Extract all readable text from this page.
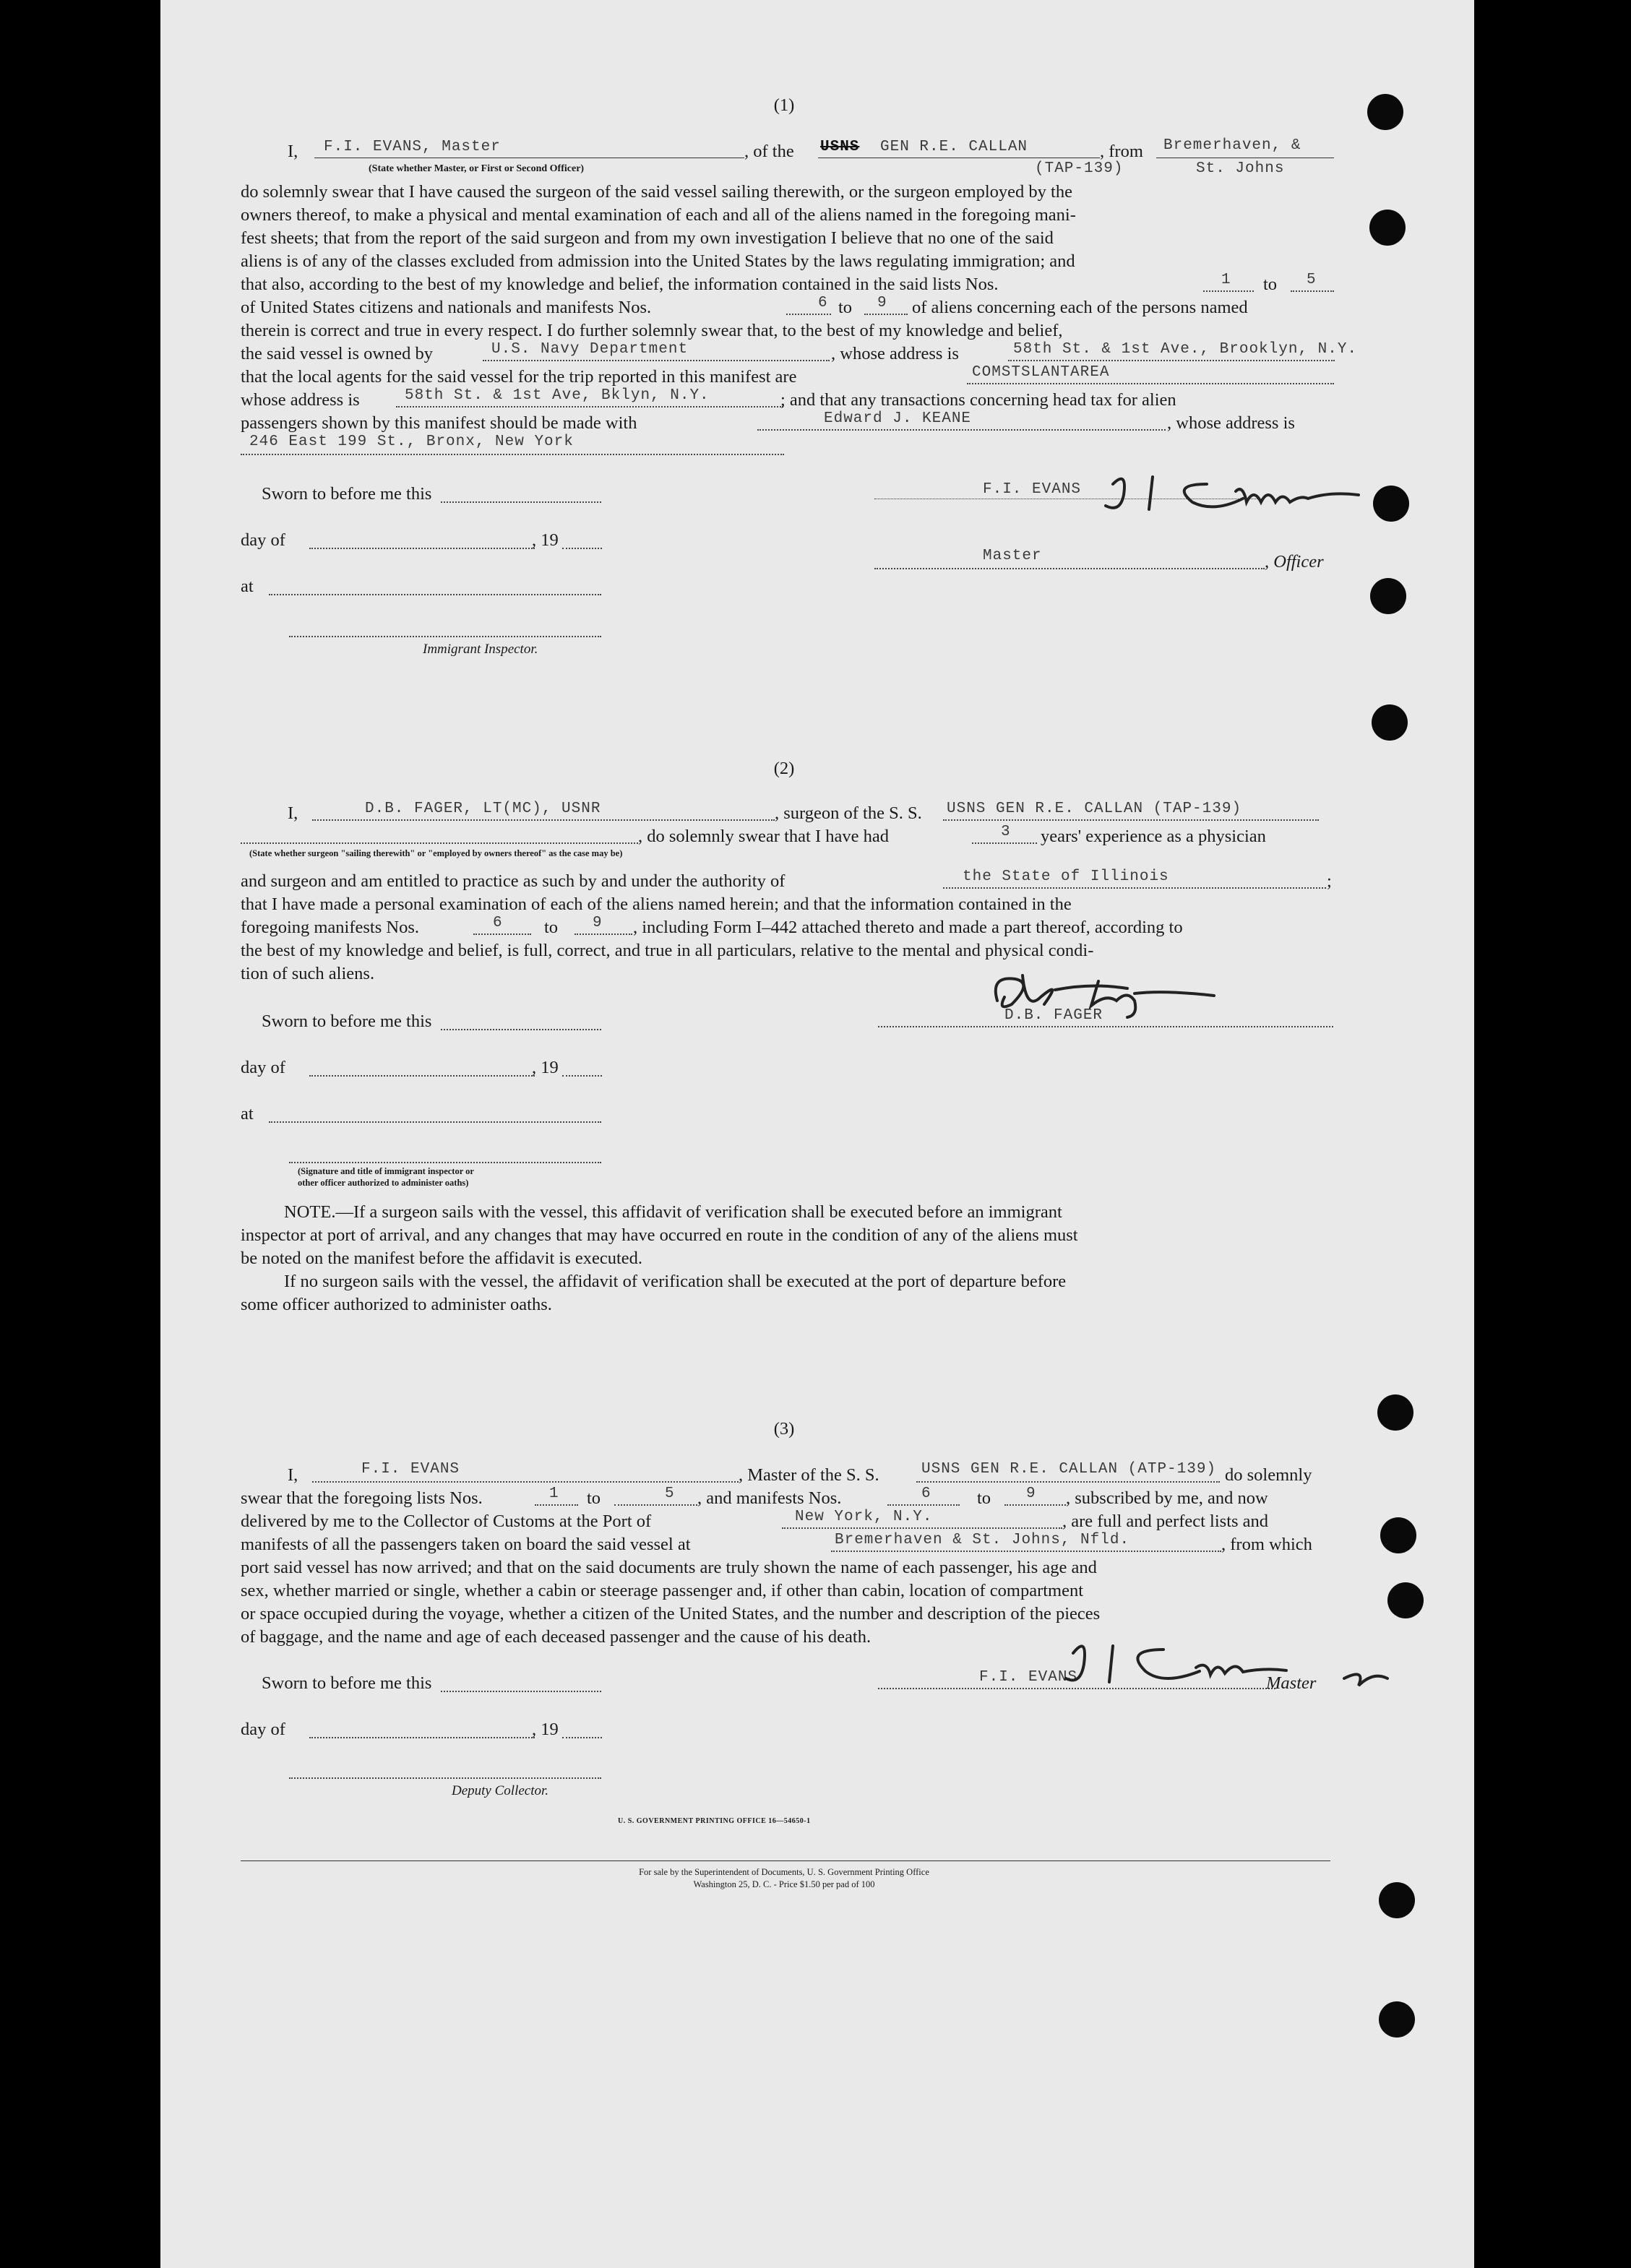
(1)
I, F.I. EVANS, Master
(State whether Master, or First or Second Officer)
, of the USNS GEN R.E. CALLAN	, from Bremerhaven, &
(TAP-139)	St. Johns
do solemnly swear that I have caused the surgeon of the said vessel sailing therewith, or the surgeon employed by the
owners thereof, to make a physical and mental examination of each and all of the aliens named in the foregoing mani-
fest sheets; that from the report of the said surgeon and from my own investigation I believe that no one of the said
aliens is of any of the classes excluded from admission into the United States by the laws regulating immigration; and
that also, according to the best of my knowledge and belief, the information contained in the said lists Nos.	1 to 5
of United States citizens and nationals and manifests Nos.	6 to 9 of aliens concerning each of the persons named
therein is correct and true in every respect. I do further solemnly swear that, to the best of my knowledge and belief,
the said vessel is owned by	U.S. Navy Department	, whose address is	58th St. & 1st Ave., Brooklyn, N.Y.
that the local agents for the said vessel for the trip reported in this manifest are	COMSTSLANTAREA
whose address is	58th St. & 1st Ave, Bklyn, N.Y.	; and that any transactions concerning head tax for alien
passengers shown by this manifest should be made with	Edward J. KEANE	, whose address is
246 East 199 St., Bronx, New York
Sworn to before me this
day of	, 19
at
Immigrant Inspector.
F.I. EVANS
Master	, Officer
(2)
I,	D.B. FAGER, LT(MC), USNR	, surgeon of the S. S. USNS GEN R.E. CALLAN (TAP-139)
, do solemnly swear that I have had	3 years' experience as a physician
(State whether surgeon "sailing therewith" or "employed by owners thereof" as the case may be)
and surgeon and am entitled to practice as such by and under the authority of	the State of Illinois	;
that I have made a personal examination of each of the aliens named herein; and that the information contained in the
foregoing manifests Nos.	6 to 9 , including Form I–442 attached thereto and made a part thereof, according to
the best of my knowledge and belief, is full, correct, and true in all particulars, relative to the mental and physical condi-
tion of such aliens.
D.B. FAGER
Sworn to before me this
day of	, 19
at
(Signature and title of immigrant inspector or
other officer authorized to administer oaths)
NOTE.—If a surgeon sails with the vessel, this affidavit of verification shall be executed before an immigrant
inspector at port of arrival, and any changes that may have occurred en route in the condition of any of the aliens must
be noted on the manifest before the affidavit is executed.
If no surgeon sails with the vessel, the affidavit of verification shall be executed at the port of departure before
some officer authorized to administer oaths.
(3)
I,	F.I. EVANS	, Master of the S. S.	USNS GEN R.E. CALLAN (ATP-139) do solemnly
swear that the foregoing lists Nos.	1 to	5 , and manifests Nos.	6	to 9 , subscribed by me, and now
delivered by me to the Collector of Customs at the Port of	New York, N.Y.	, are full and perfect lists and
manifests of all the passengers taken on board the said vessel at	Bremerhaven & St. Johns, Nfld.	, from which
port said vessel has now arrived; and that on the said documents are truly shown the name of each passenger, his age and
sex, whether married or single, whether a cabin or steerage passenger and, if other than cabin, location of compartment
or space occupied during the voyage, whether a citizen of the United States, and the number and description of the pieces
of baggage, and the name and age of each deceased passenger and the cause of his death.
Sworn to before me this
day of	, 19
Deputy Collector.
F.I. EVANS	Master
U. S. GOVERNMENT PRINTING OFFICE 16—54650-1
For sale by the Superintendent of Documents, U. S. Government Printing Office
Washington 25, D. C. - Price $1.50 per pad of 100
